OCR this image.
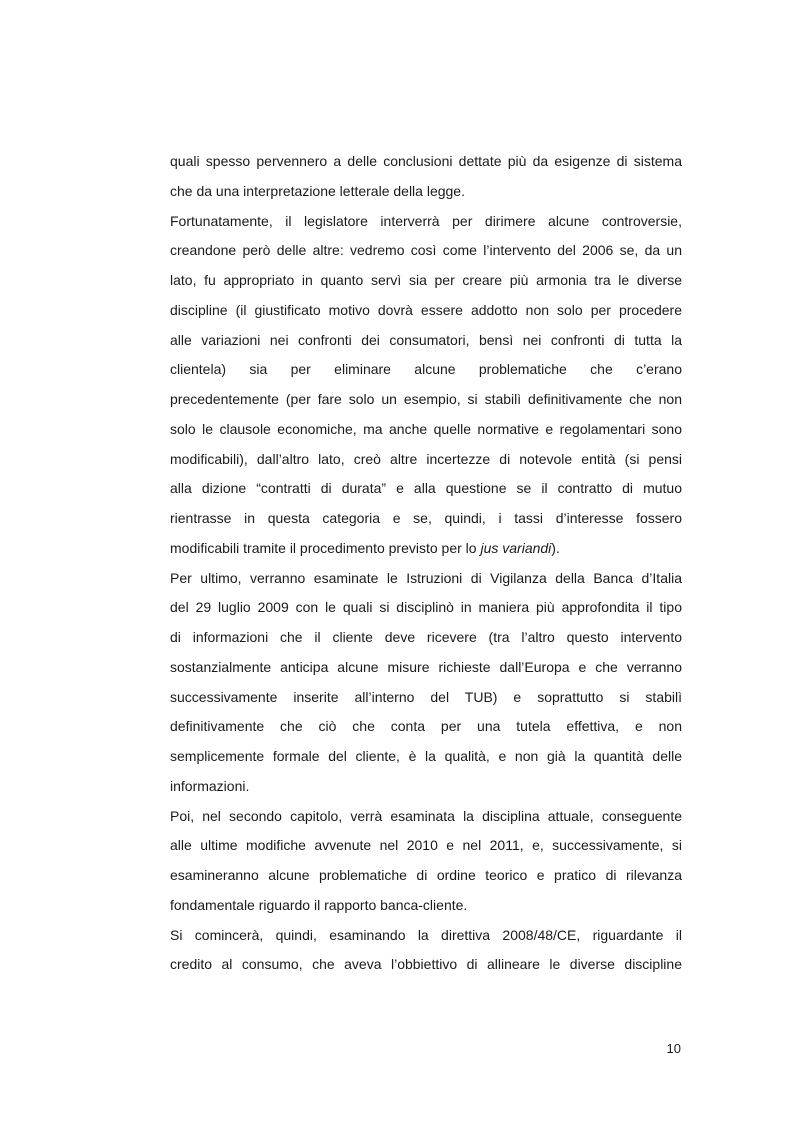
quali spesso pervennero a delle conclusioni dettate più da esigenze di sistema
che da una interpretazione letterale della legge.
Fortunatamente, il legislatore interverrà per dirimere alcune controversie,
creandone però delle altre: vedremo così come l’intervento del 2006 se, da un
lato, fu appropriato in quanto servì sia per creare più armonia tra le diverse
discipline (il giustificato motivo dovrà essere addotto non solo per procedere
alle variazioni nei confronti dei consumatori, bensì nei confronti di tutta la
clientela) sia per eliminare alcune problematiche che c’erano
precedentemente (per fare solo un esempio, si stabilì definitivamente che non
solo le clausole economiche, ma anche quelle normative e regolamentari sono
modificabili), dall’altro lato, creò altre incertezze di notevole entità (si pensi
alla dizione “contratti di durata” e alla questione se il contratto di mutuo
rientrasse in questa categoria e se, quindi, i tassi d’interesse fossero
modificabili tramite il procedimento previsto per lo jus variandi).
Per ultimo, verranno esaminate le Istruzioni di Vigilanza della Banca d’Italia
del 29 luglio 2009 con le quali si disciplinò in maniera più approfondita il tipo
di informazioni che il cliente deve ricevere (tra l’altro questo intervento
sostanzialmente anticipa alcune misure richieste dall’Europa e che verranno
successivamente inserite all’interno del TUB) e soprattutto si stabilì
definitivamente che ciò che conta per una tutela effettiva, e non
semplicemente formale del cliente, è la qualità, e non già la quantità delle
informazioni.
Poi, nel secondo capitolo, verrà esaminata la disciplina attuale, conseguente
alle ultime modifiche avvenute nel 2010 e nel 2011, e, successivamente, si
esamineranno alcune problematiche di ordine teorico e pratico di rilevanza
fondamentale riguardo il rapporto banca-cliente.
Si comincerà, quindi, esaminando la direttiva 2008/48/CE, riguardante il
credito al consumo, che aveva l’obbiettivo di allineare le diverse discipline
10
